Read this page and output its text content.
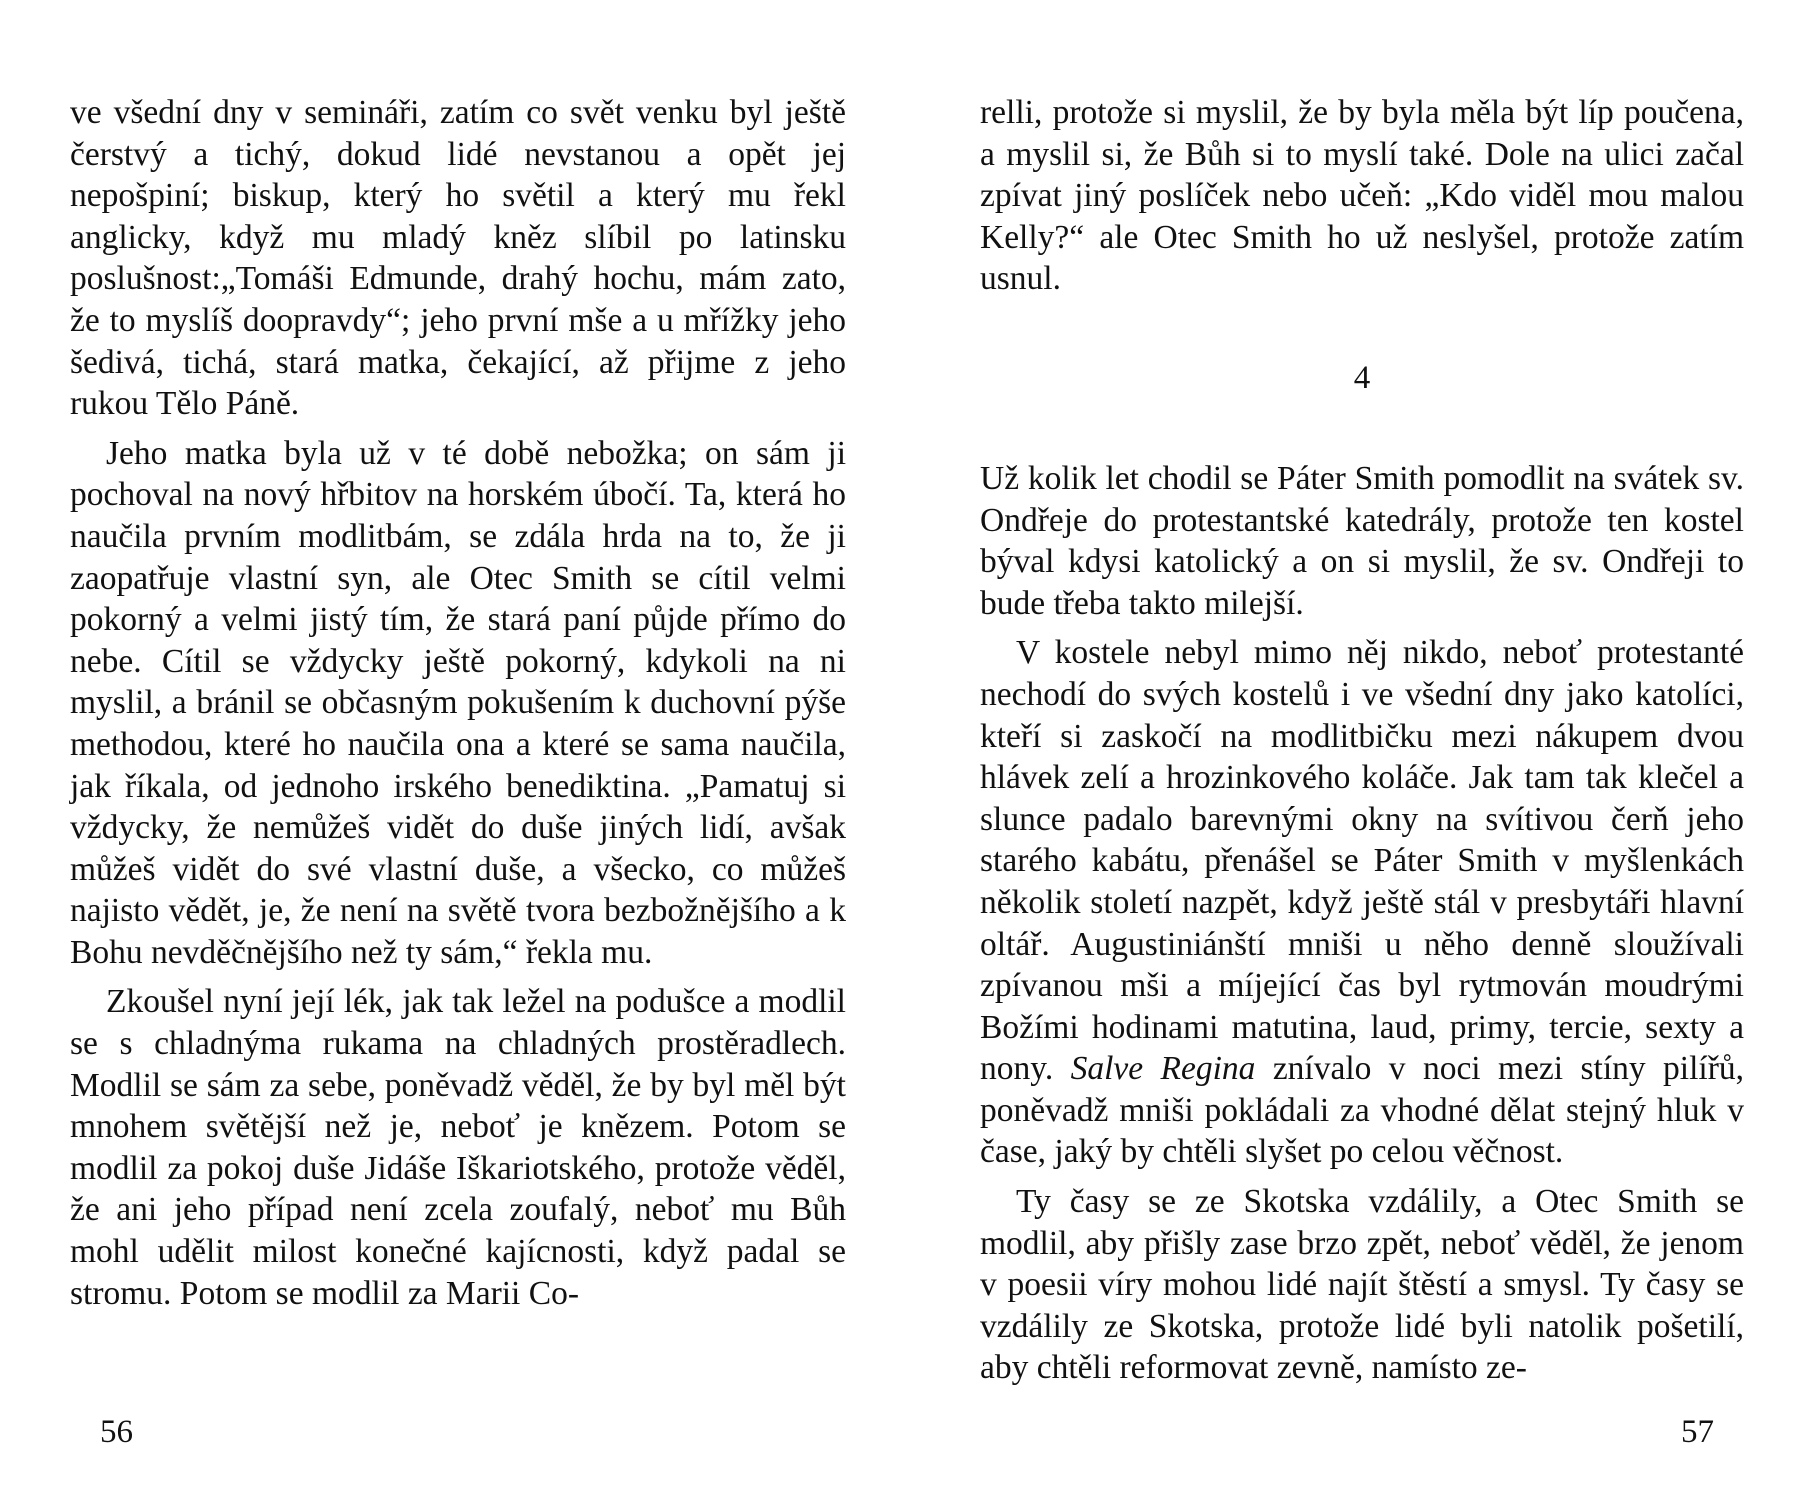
ve všední dny v semináři, zatím co svět venku byl ještě čerstvý a tichý, dokud lidé nevstanou a opět jej nepošpiní; biskup, který ho světil a který mu řekl anglicky, když mu mladý kněz slíbil po latinsku poslušnost:„Tomáši Edmunde, drahý hochu, mám zato, že to myslíš doopravdy“; jeho první mše a u mřížky jeho šedivá, tichá, stará matka, čekající, až přijme z jeho rukou Tělo Páně.

Jeho matka byla už v té době nebožka; on sám ji pochoval na nový hřbitov na horském úbočí. Ta, která ho naučila prvním modlitbám, se zdála hrda na to, že ji zaopatřuje vlastní syn, ale Otec Smith se cítil velmi pokorný a velmi jistý tím, že stará paní půjde přímo do nebe. Cítil se vždycky ještě pokorný, kdykoli na ni myslil, a bránil se občasným pokušením k duchovní pýše methodou, které ho naučila ona a které se sama naučila, jak říkala, od jednoho irského benediktina. „Pamatuj si vždycky, že nemůžeš vidět do duše jiných lidí, avšak můžeš vidět do své vlastní duše, a všecko, co můžeš najisto vědět, je, že není na světě tvora bezbožnějšího a k Bohu nevděčnějšího než ty sám,“ řekla mu.

Zkoušel nyní její lék, jak tak ležel na podušce a modlil se s chladnýma rukama na chladných prostěradlech. Modlil se sám za sebe, poněvadž věděl, že by byl měl být mnohem světější než je, neboť je knězem. Potom se modlil za pokoj duše Jidáše Iškariotského, protože věděl, že ani jeho případ není zcela zoufalý, neboť mu Bůh mohl udělit milost konečné kajícnosti, když padal se stromu. Potom se modlil za Marii Co-

56

relli, protože si myslil, že by byla měla být líp poučena, a myslil si, že Bůh si to myslí také. Dole na ulici začal zpívat jiný poslíček nebo učeň: „Kdo viděl mou malou Kelly?“ ale Otec Smith ho už neslyšel, protože zatím usnul.

4

Už kolik let chodil se Páter Smith pomodlit na svátek sv. Ondřeje do protestantské katedrály, protože ten kostel býval kdysi katolický a on si myslil, že sv. Ondřeji to bude třeba takto milejší.

V kostele nebyl mimo něj nikdo, neboť protestanté nechodí do svých kostelů i ve všední dny jako katolíci, kteří si zaskočí na modlitbičku mezi nákupem dvou hlávek zelí a hrozinkového koláče. Jak tam tak klečel a slunce padalo barevnými okny na svítivou čerň jeho starého kabátu, přenášel se Páter Smith v myšlenkách několik století nazpět, když ještě stál v presbytáři hlavní oltář. Augustiniánští mniši u něho denně sloužívali zpívanou mši a míjející čas byl rytmován moudrými Božími hodinami matutina, laud, primy, tercie, sexty a nony. Salve Regina znívalo v noci mezi stíny pilířů, poněvadž mniši pokládali za vhodné dělat stejný hluk v čase, jaký by chtěli slyšet po celou věčnost.

Ty časy se ze Skotska vzdálily, a Otec Smith se modlil, aby přišly zase brzo zpět, neboť věděl, že jenom v poesii víry mohou lidé najít štěstí a smysl. Ty časy se vzdálily ze Skotska, protože lidé byli natolik pošetilí, aby chtěli reformovat zevně, namísto ze-

57
